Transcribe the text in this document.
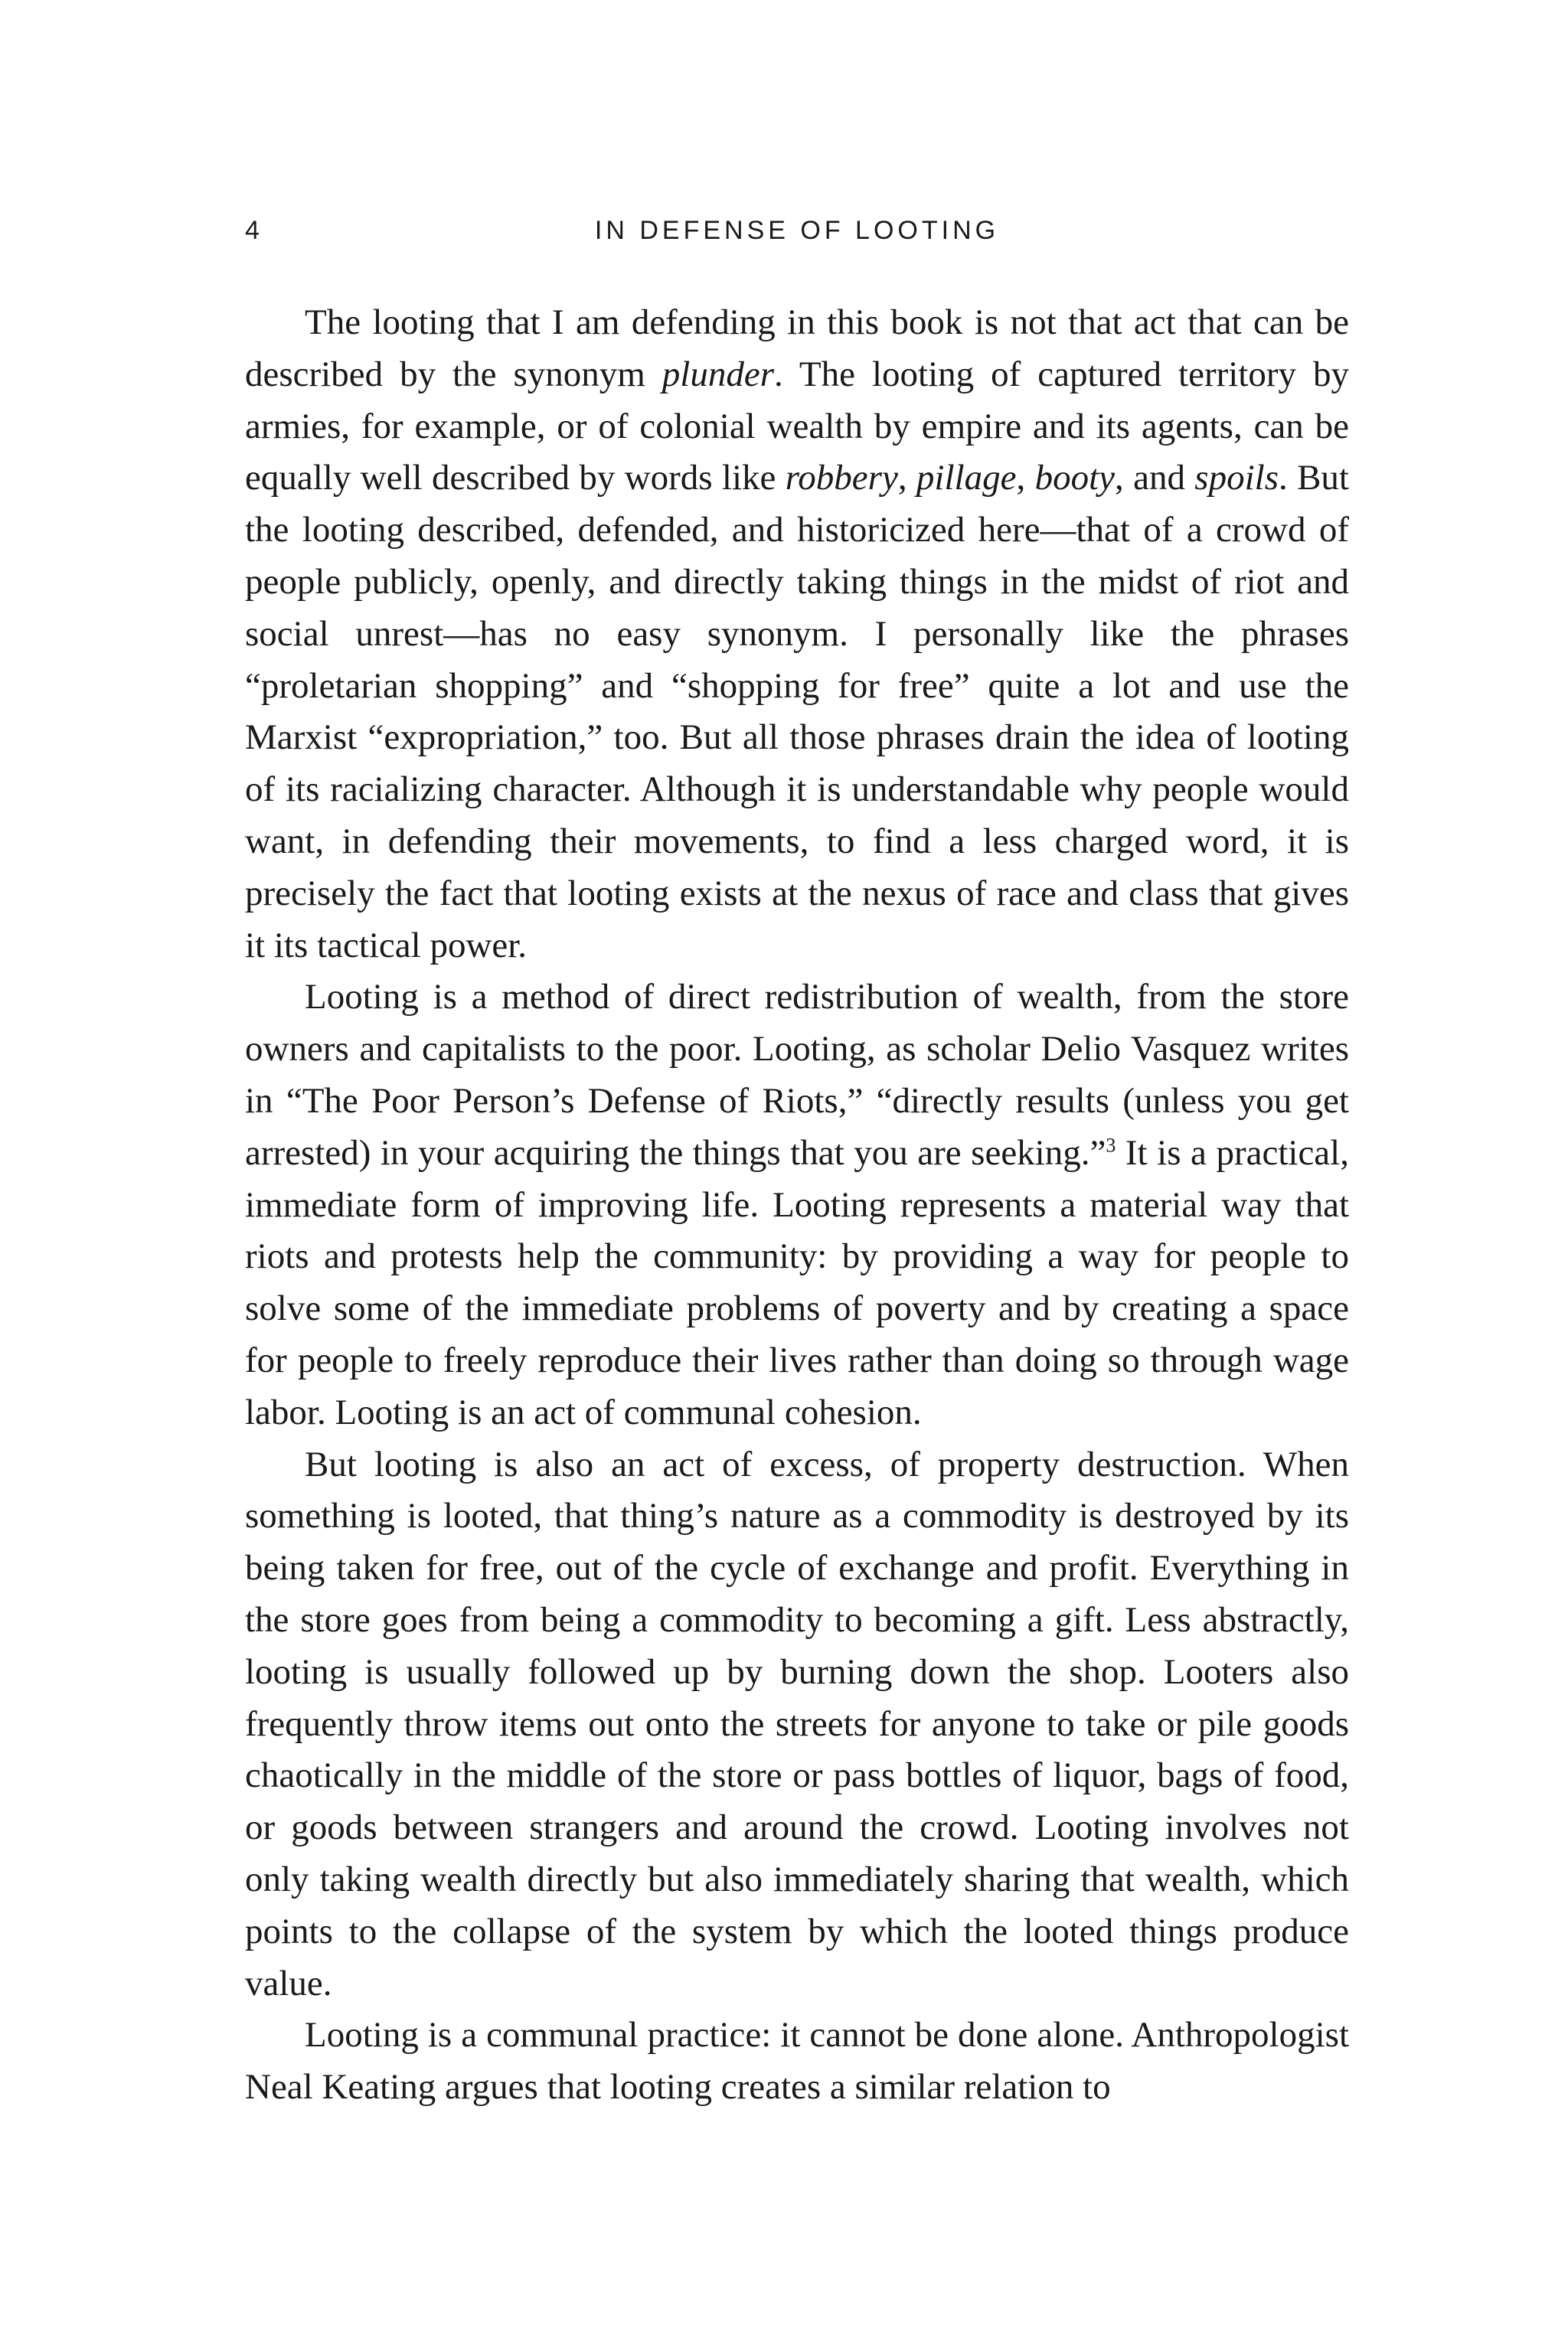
4	IN DEFENSE OF LOOTING

The looting that I am defending in this book is not that act that can be described by the synonym plunder. The looting of captured territory by armies, for example, or of colonial wealth by empire and its agents, can be equally well described by words like robbery, pillage, booty, and spoils. But the looting described, defended, and historicized here—that of a crowd of people publicly, openly, and directly taking things in the midst of riot and social unrest—has no easy synonym. I personally like the phrases “proletarian shopping” and “shopping for free” quite a lot and use the Marxist “expropriation,” too. But all those phrases drain the idea of looting of its racializing character. Although it is understandable why people would want, in defending their movements, to find a less charged word, it is precisely the fact that looting exists at the nexus of race and class that gives it its tactical power.

Looting is a method of direct redistribution of wealth, from the store owners and capitalists to the poor. Looting, as scholar Delio Vasquez writes in “The Poor Person’s Defense of Riots,” “directly results (unless you get arrested) in your acquiring the things that you are seeking.”$^3$ It is a practical, immediate form of improving life. Looting represents a material way that riots and protests help the community: by providing a way for people to solve some of the immediate problems of poverty and by creating a space for people to freely reproduce their lives rather than doing so through wage labor. Looting is an act of communal cohesion.

But looting is also an act of excess, of property destruction. When something is looted, that thing’s nature as a commodity is destroyed by its being taken for free, out of the cycle of exchange and profit. Everything in the store goes from being a commodity to becoming a gift. Less abstractly, looting is usually followed up by burning down the shop. Looters also frequently throw items out onto the streets for anyone to take or pile goods chaotically in the middle of the store or pass bottles of liquor, bags of food, or goods between strangers and around the crowd. Looting involves not only taking wealth directly but also immediately sharing that wealth, which points to the collapse of the system by which the looted things produce value.

Looting is a communal practice: it cannot be done alone. Anthropologist Neal Keating argues that looting creates a similar relation to
